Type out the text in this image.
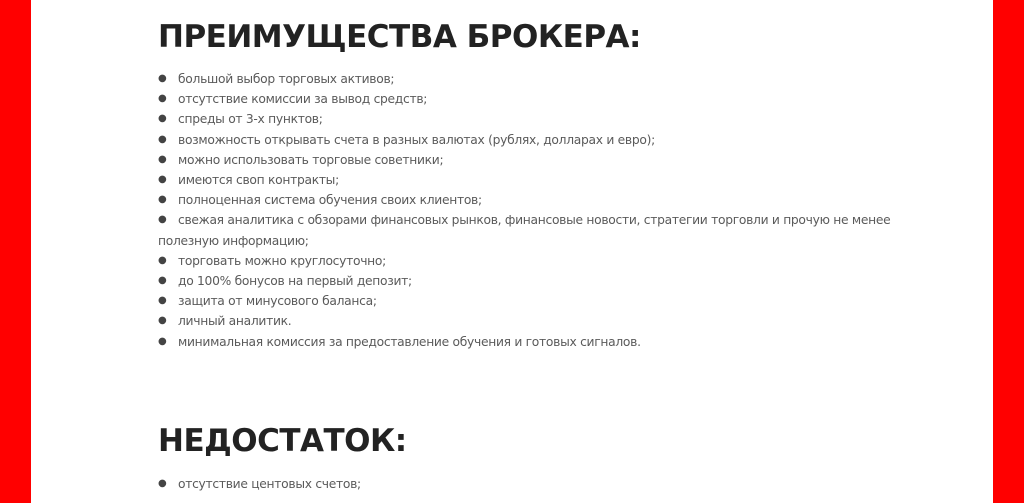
ПРЕИМУЩЕСТВА БРОКЕРА:
● большой выбор торговых активов;
● отсутствие комиссии за вывод средств;
● спреды от 3-х пунктов;
● возможность открывать счета в разных валютах (рублях, долларах и евро);
● можно использовать торговые советники;
● имеются своп контракты;
● полноценная система обучения своих клиентов;
● свежая аналитика с обзорами финансовых рынков, финансовые новости, стратегии торговли и прочую не менее полезную информацию;
● торговать можно круглосуточно;
● до 100% бонусов на первый депозит;
● защита от минусового баланса;
● личный аналитик.
● минимальная комиссия за предоставление обучения и готовых сигналов.
НЕДОСТАТОК:
● отсутствие центовых счетов;
